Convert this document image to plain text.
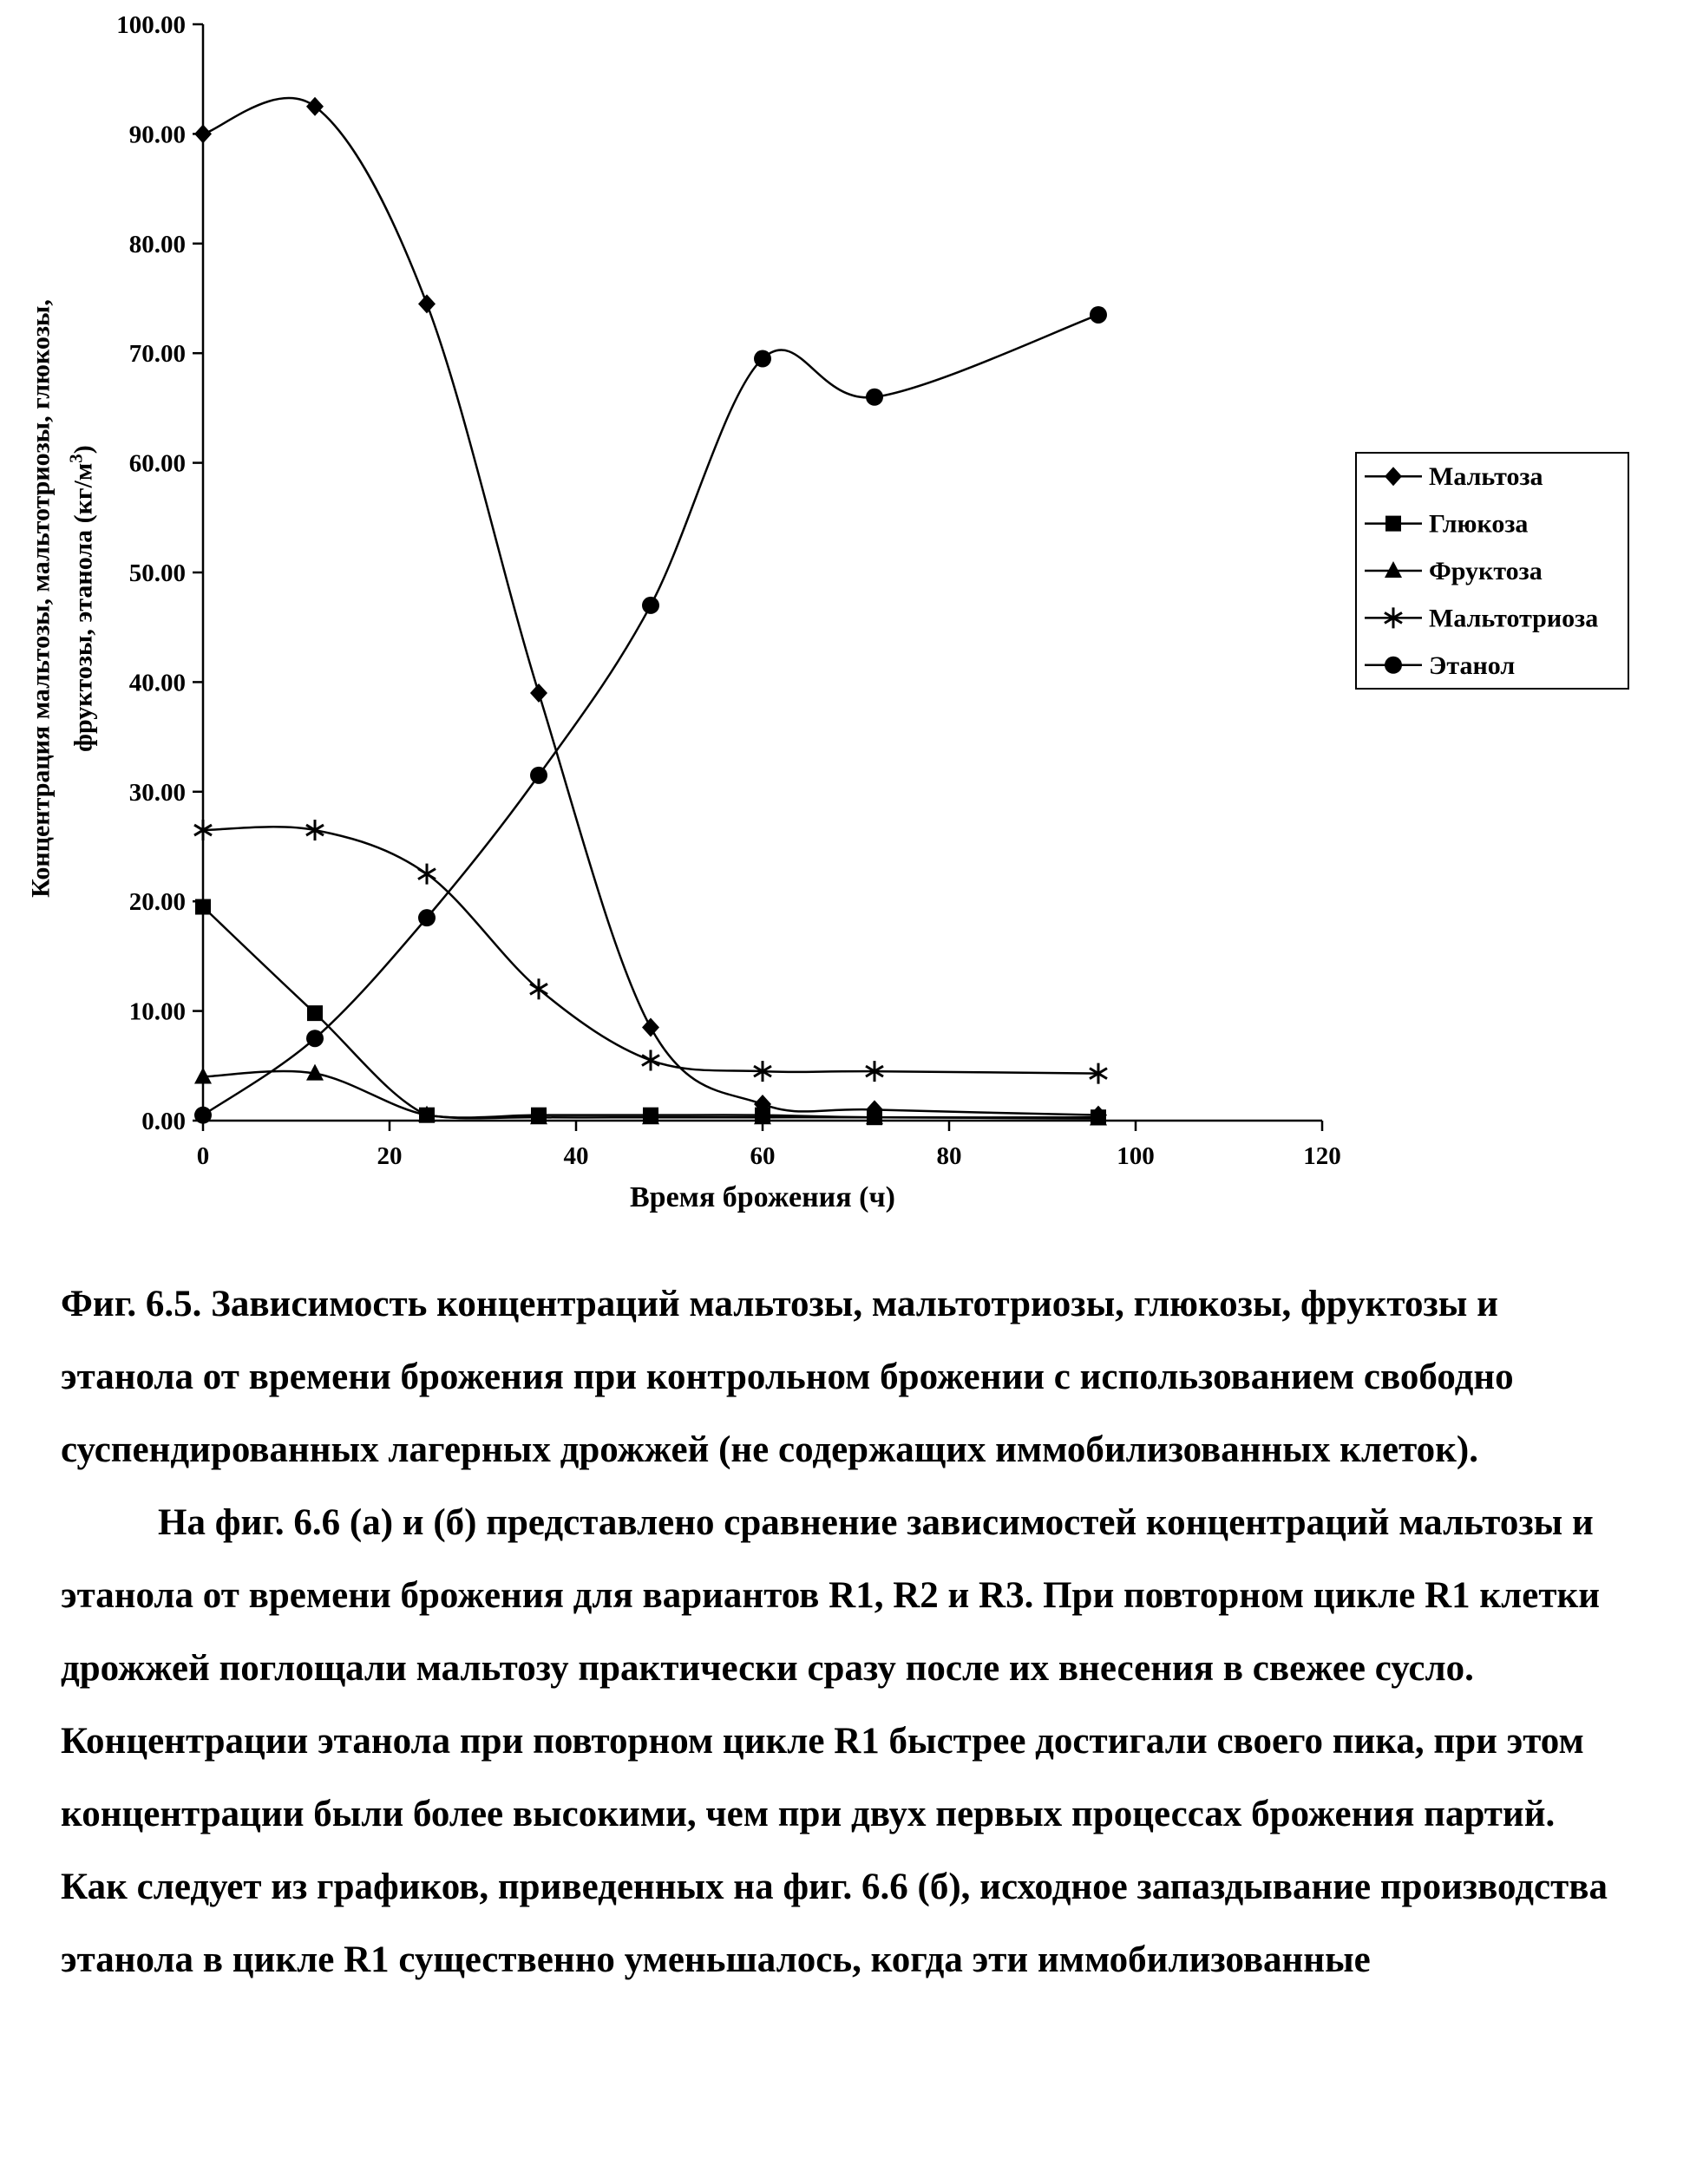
100.00
90.00
80.00
70.00
60.00
50.00
40.00
30.00
20.00
10.00
0.00
0	20	40	60	80	100	120
Мальтоза
Глюкоза
Фруктоза
Мальтотриоза
Этанол
Концентрация мальтозы, мальтотриозы, глюкозы, фруктозы, этанола $(кг/м^3)$
Время брожения (ч)

Фиг. 6.5. Зависимость концентраций мальтозы, мальтотриозы, глюкозы, фруктозы и этанола от времени брожения при контрольном брожении с использованием свободно суспендированных лагерных дрожжей (не содержащих иммобилизованных клеток).

На фиг. 6.6 (а) и (б) представлено сравнение зависимостей концентраций мальтозы и этанола от времени брожения для вариантов R1, R2 и R3. При повторном цикле R1 клетки дрожжей поглощали мальтозу практически сразу после их внесения в свежее сусло. Концентрации этанола при повторном цикле R1 быстрее достигали своего пика, при этом концентрации были более высокими, чем при двух первых процессах брожения партий. Как следует из графиков, приведенных на фиг. 6.6 (б), исходное запаздывание производства этанола в цикле R1 существенно уменьшалось, когда эти иммобилизованные
